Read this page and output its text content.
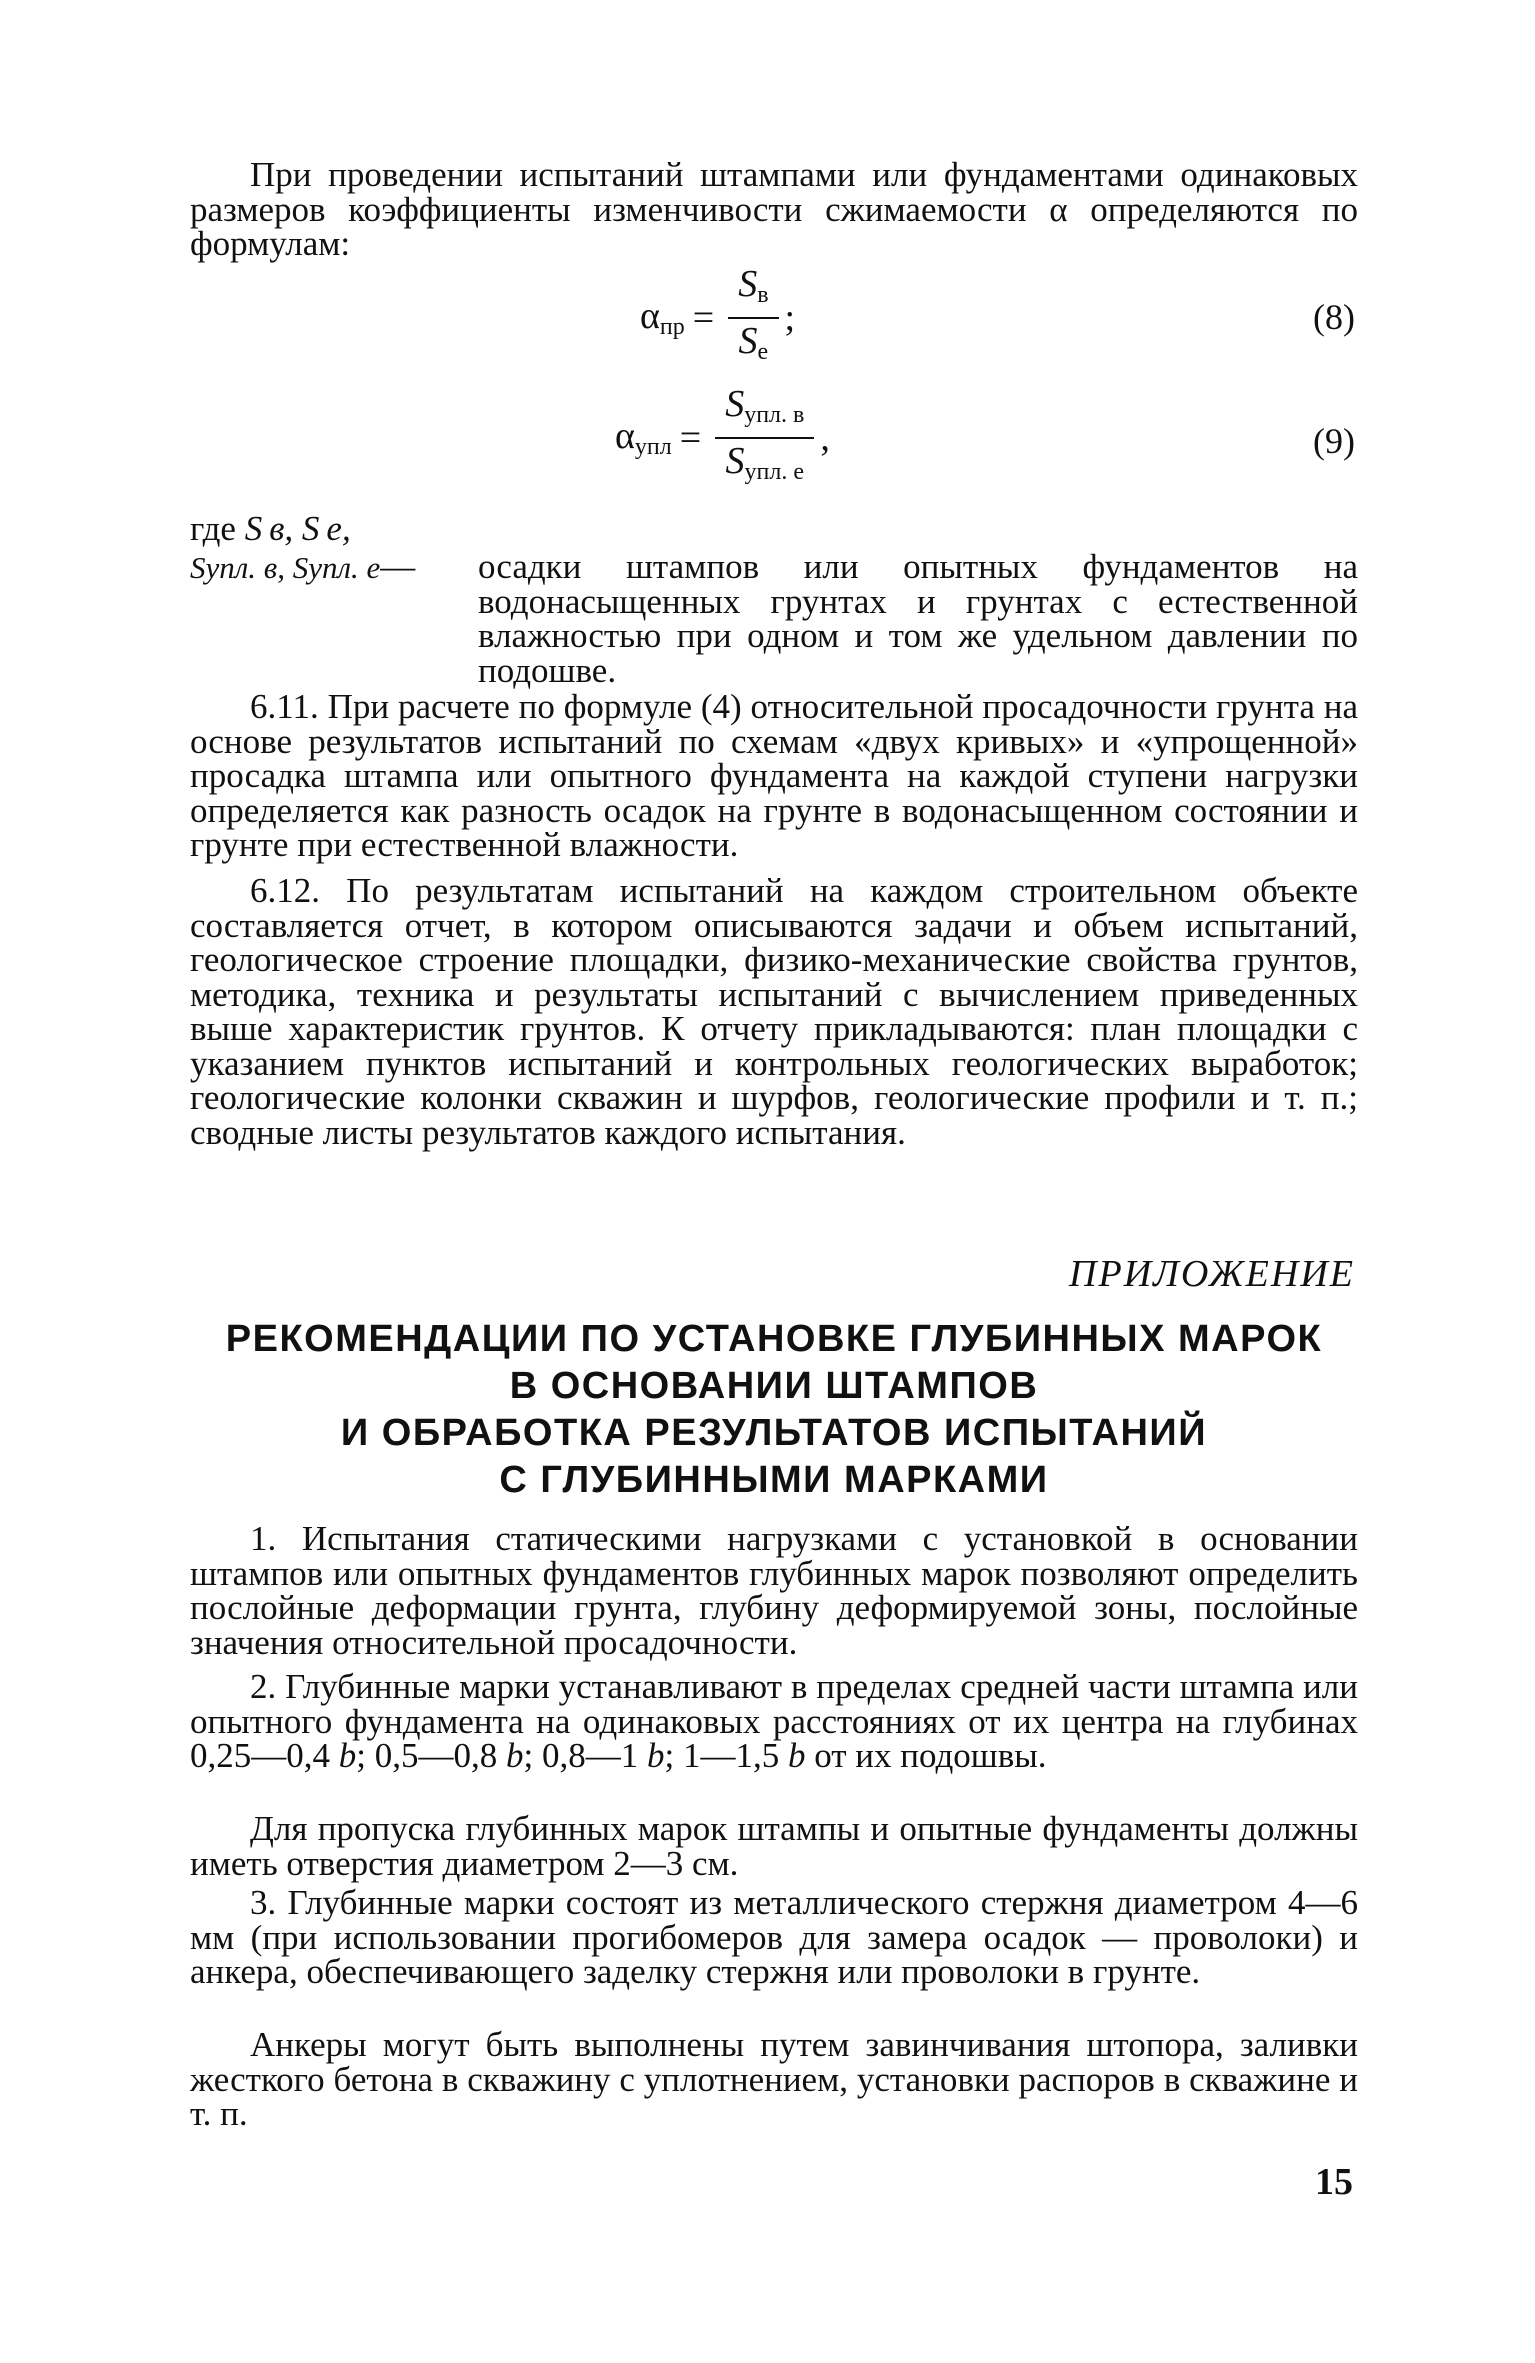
При проведении испытаний штампами или фундаментами одинаковых размеров коэффициенты изменчивости сжимаемости α определяются по формулам:

$\alpha_{пр} = \frac{S_в}{S_e}$ ;	(8)
$\alpha_{упл} = \frac{S_{упл. в}}{S_{упл. е}}$ ,	(9)
где S в, S e,
Sупл. в, Sупл. е— осадки штампов или опытных фундаментов на водонасыщенных грунтах и грунтах с естественной влажностью при одном и том же удельном давлении по подошве.

6.11. При расчете по формуле (4) относительной просадочности грунта на основе результатов испытаний по схемам «двух кривых» и «упрощенной» просадка штампа или опытного фундамента на каждой ступени нагрузки определяется как разность осадок на грунте в водонасыщенном состоянии и грунте при естественной влажности.

6.12. По результатам испытаний на каждом строительном объекте составляется отчет, в котором описываются задачи и объем испытаний, геологическое строение площадки, физико-механические свойства грунтов, методика, техника и результаты испытаний с вычислением приведенных выше характеристик грунтов. К отчету прикладываются: план площадки с указанием пунктов испытаний и контрольных геологических выработок; геологические колонки скважин и шурфов, геологические профили и т. п.; сводные листы результатов каждого испытания.

ПРИЛОЖЕНИЕ
РЕКОМЕНДАЦИИ ПО УСТАНОВКЕ ГЛУБИННЫХ МАРОК
В ОСНОВАНИИ ШТАМПОВ
И ОБРАБОТКА РЕЗУЛЬТАТОВ ИСПЫТАНИЙ
С ГЛУБИННЫМИ МАРКАМИ

1. Испытания статическими нагрузками с установкой в основании штампов или опытных фундаментов глубинных марок позволяют определить послойные деформации грунта, глубину деформируемой зоны, послойные значения относительной просадочности.

2. Глубинные марки устанавливают в пределах средней части штампа или опытного фундамента на одинаковых расстояниях от их центра на глубинах 0,25—0,4 b; 0,5—0,8 b; 0,8—1 b; 1—1,5 b от их подошвы.

Для пропуска глубинных марок штампы и опытные фундаменты должны иметь отверстия диаметром 2—3 см.

3. Глубинные марки состоят из металлического стержня диаметром 4—6 мм (при использовании прогибомеров для замера осадок — проволоки) и анкера, обеспечивающего заделку стержня или проволоки в грунте.

Анкеры могут быть выполнены путем завинчивания штопора, заливки жесткого бетона в скважину с уплотнением, установки распоров в скважине и т. п.

15
